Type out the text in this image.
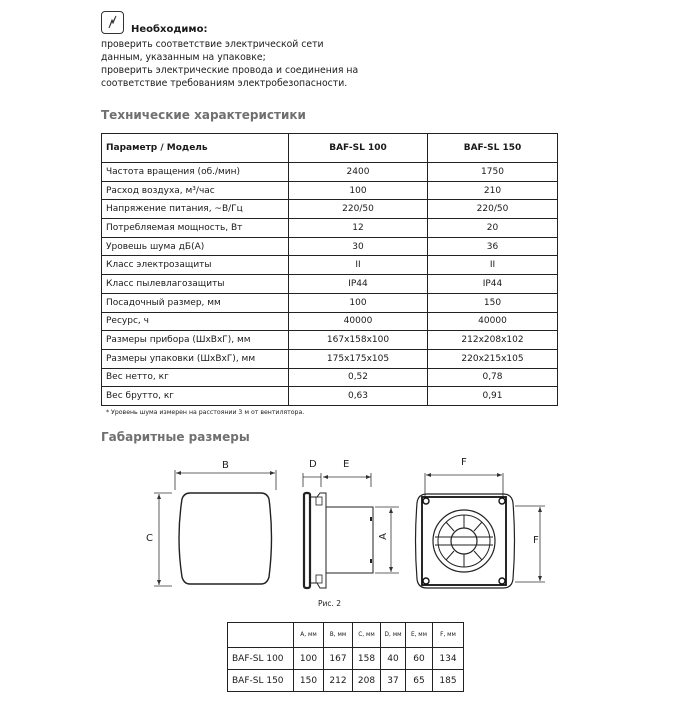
Необходимо:
проверить соответствие электрической сети
данным, указанным на упаковке;
проверить электрические провода и соединения на
соответствие требованиям электробезопасности.
Технические характеристики
Параметр / Модель	BAF-SL 100	BAF-SL 150
Частота вращения (об./мин)	2400	1750
Расход воздуха, м³/час	100	210
Напряжение питания, ~В/Гц	220/50	220/50
Потребляемая мощность, Вт	12	20
Уровешь шума дБ(А)	30	36
Класс электрозащиты	II	II
Класс пылевлагозащиты	IP44	IP44
Посадочный размер, мм	100	150
Ресурс, ч	40000	40000
Размеры прибора (ШхВхГ), мм	167x158x100	212x208x102
Размеры упаковки (ШхВхГ), мм	175x175x105	220x215x105
Вес нетто, кг	0,52	0,78
Вес брутто, кг	0,63	0,91
* Уровень шума измерен на расстоянии 3 м от вентилятора.
Габаритные размеры
B
C
D	E
A
F
F
Рис. 2
	A, мм	B, мм	C, мм	D, мм	E, мм	F, мм
BAF-SL 100	100	167	158	40	60	134
BAF-SL 150	150	212	208	37	65	185
